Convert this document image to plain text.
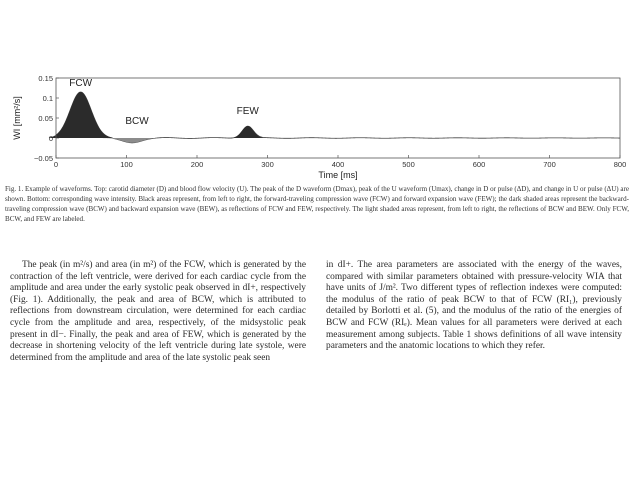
0.15
0.1
0.05
0
−0.05
0	100	200	300	400	500	600	700	800
FCW
BCW
FEW
WI [mm²/s]
Time [ms]
Fig. 1. Example of waveforms. Top: carotid diameter (D) and blood flow velocity (U). The peak of the D waveform (Dmax), peak of the U waveform (Umax), change in D or pulse (ΔD), and change in U or pulse (ΔU) are shown. Bottom: corresponding wave intensity. Black areas represent, from left to right, the forward-traveling compression wave (FCW) and forward expansion wave (FEW); the dark shaded areas represent the backward-traveling compression wave (BCW) and backward expansion wave (BEW), as reflections of FCW and FEW, respectively. The light shaded areas represent, from left to right, the reflections of BCW and BEW. Only FCW, BCW, and FEW are labeled.
The peak (in m²/s) and area (in m²) of the FCW, which is generated by the contraction of the left ventricle, were derived for each cardiac cycle from the amplitude and area under the early systolic peak observed in dI+, respectively (Fig. 1). Additionally, the peak and area of BCW, which is attributed to reflections from downstream circulation, were determined for each cardiac cycle from the amplitude and area, respectively, of the midsystolic peak present in dI−. Finally, the peak and area of FEW, which is generated by the decrease in shortening velocity of the left ventricle during late systole, were determined from the amplitude and area of the late systolic peak seen
in dI+. The area parameters are associated with the energy of the waves, compared with similar parameters obtained with pressure-velocity WIA that have units of J/m². Two different types of reflection indexes were computed: the modulus of the ratio of peak BCW to that of FCW (RI₁), previously detailed by Borlotti et al. (5), and the modulus of the ratio of the energies of BCW and FCW (RIₑ). Mean values for all parameters were derived at each measurement among subjects. Table 1 shows definitions of all wave intensity parameters and the anatomic locations to which they refer.
